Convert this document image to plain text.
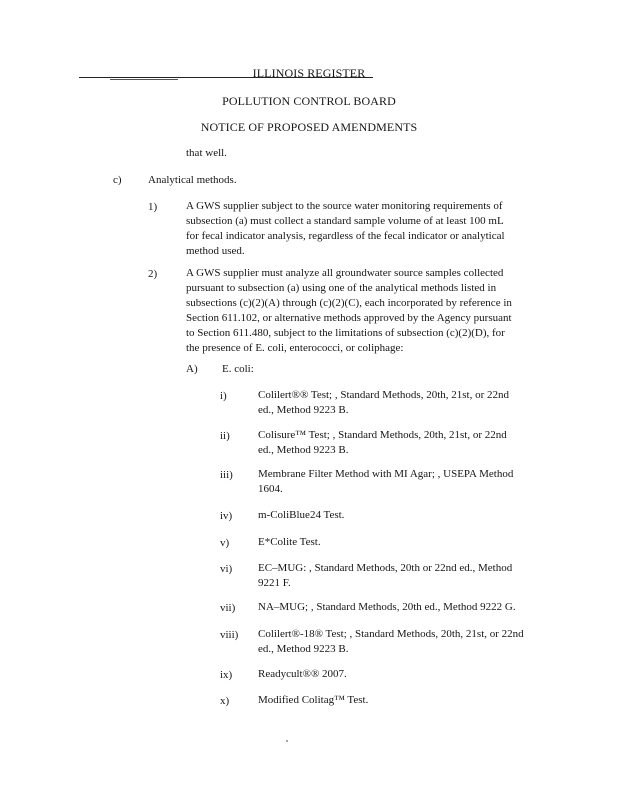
ILLINOIS REGISTER
POLLUTION CONTROL BOARD
NOTICE OF PROPOSED AMENDMENTS
that well.
c) Analytical methods.
1)	A GWS supplier subject to the source water monitoring requirements of
subsection (a) must collect a standard sample volume of at least 100 mL
for fecal indicator analysis, regardless of the fecal indicator or analytical
method used.
2)	A GWS supplier must analyze all groundwater source samples collected
pursuant to subsection (a) using one of the analytical methods listed in
subsections (c)(2)(A) through (c)(2)(C), each incorporated by reference in
Section 611.102, or alternative methods approved by the Agency pursuant
to Section 611.480, subject to the limitations of subsection (c)(2)(D), for
the presence of E. coli, enterococci, or coliphage:
A) E. coli:
i)	Colilert®® Test; , Standard Methods, 20th, 21st, or 22nd
ed., Method 9223 B.
ii)	Colisure™ Test; , Standard Methods, 20th, 21st, or 22nd
ed., Method 9223 B.
iii) Membrane Filter Method with MI Agar; , USEPA Method
1604.
iv) m-ColiBlue24 Test.
v)	E*Colite Test.
vi) EC–MUG: , Standard Methods, 20th or 22nd ed., Method
9221 F.
vii) NA–MUG; , Standard Methods, 20th ed., Method 9222 G.
viii) Colilert®-18® Test; , Standard Methods, 20th, 21st, or 22nd
ed., Method 9223 B.
ix) Readycult®® 2007.
x)	Modified Colitag™ Test.
